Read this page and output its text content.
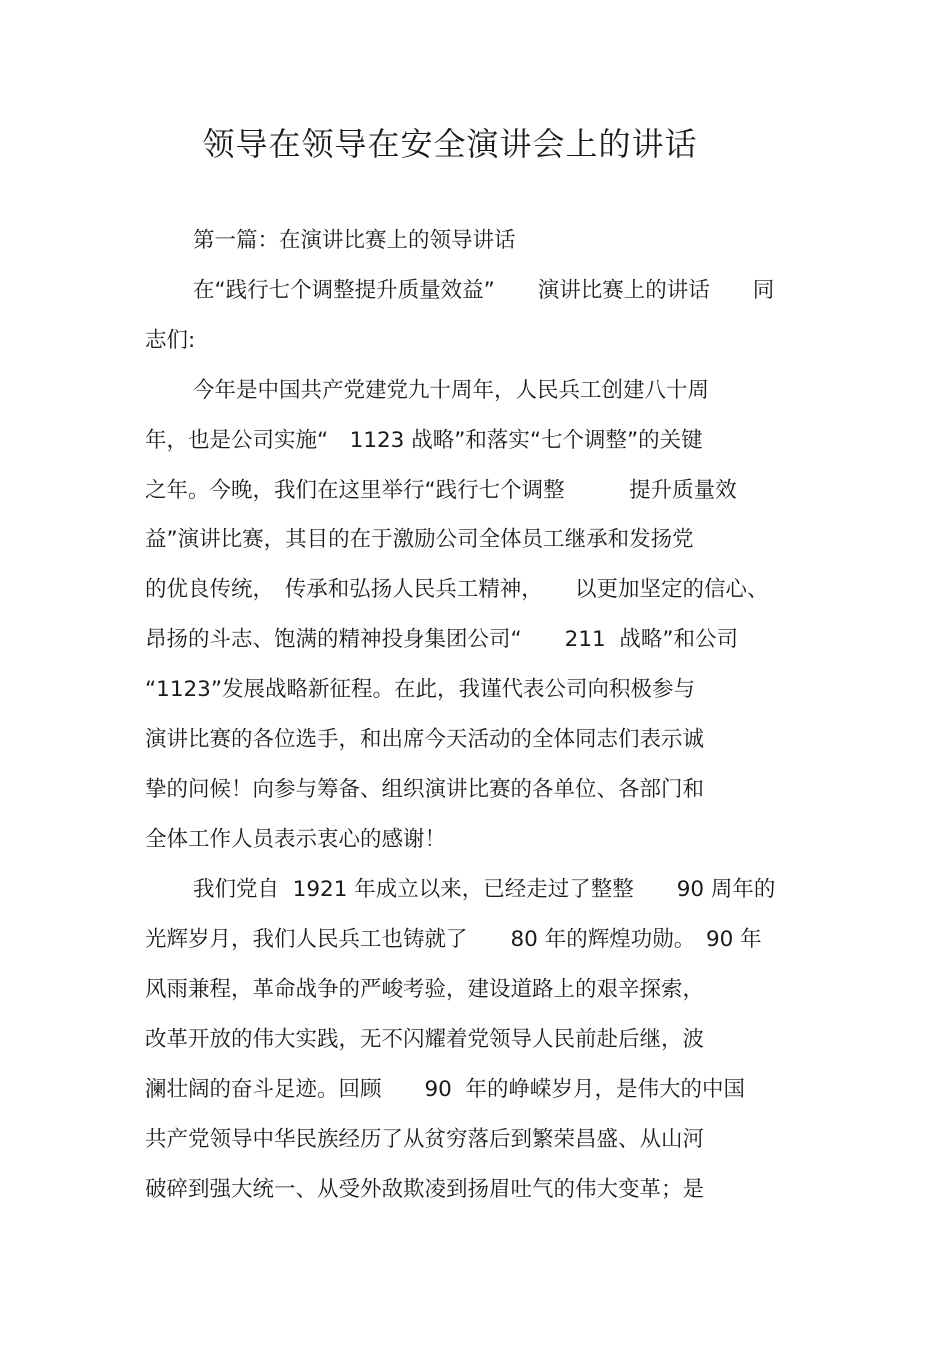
领导在领导在安全演讲会上的讲话

第一篇：在演讲比赛上的领导讲话

在“践行七个调整提升质量效益”　　演讲比赛上的讲话　　同

志们:

今年是中国共产党建党九十周年，人民兵工创建八十周

年，也是公司实施“　1123 战略”和落实“七个调整”的关键

之年。今晚，我们在这里举行“践行七个调整　　　提升质量效

益”演讲比赛，其目的在于激励公司全体员工继承和发扬党

的优良传统，　传承和弘扬人民兵工精神，　　以更加坚定的信心、

昂扬的斗志、饱满的精神投身集团公司“　　211  战略”和公司

“1123”发展战略新征程。在此，我谨代表公司向积极参与

演讲比赛的各位选手，和出席今天活动的全体同志们表示诚

挚的问候！向参与筹备、组织演讲比赛的各单位、各部门和

全体工作人员表示衷心的感谢！

我们党自  1921 年成立以来，已经走过了整整　　90 周年的

光辉岁月，我们人民兵工也铸就了　　80 年的辉煌功勋。　90 年

风雨兼程，革命战争的严峻考验，建设道路上的艰辛探索，

改革开放的伟大实践，无不闪耀着党领导人民前赴后继，波

澜壮阔的奋斗足迹。回顾　　90  年的峥嵘岁月，是伟大的中国

共产党领导中华民族经历了从贫穷落后到繁荣昌盛、从山河

破碎到强大统一、从受外敌欺凌到扬眉吐气的伟大变革；是
